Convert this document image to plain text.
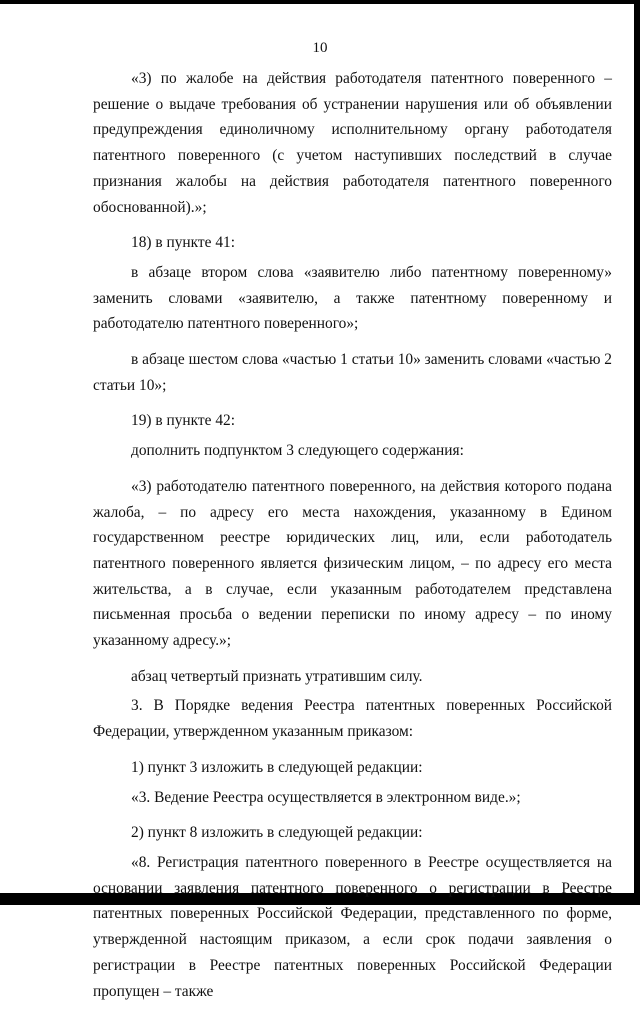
10

«3) по жалобе на действия работодателя патентного поверенного – решение о выдаче требования об устранении нарушения или об объявлении предупреждения единоличному исполнительному органу работодателя патентного поверенного (с учетом наступивших последствий в случае признания жалобы на действия работодателя патентного поверенного обоснованной).»;

18) в пункте 41:

в абзаце втором слова «заявителю либо патентному поверенному» заменить словами «заявителю, а также патентному поверенному и работодателю патентного поверенного»;

в абзаце шестом слова «частью 1 статьи 10» заменить словами «частью 2 статьи 10»;

19) в пункте 42:

дополнить подпунктом 3 следующего содержания:

«3) работодателю патентного поверенного, на действия которого подана жалоба, – по адресу его места нахождения, указанному в Едином государственном реестре юридических лиц, или, если работодатель патентного поверенного является физическим лицом, – по адресу его места жительства, а в случае, если указанным работодателем представлена письменная просьба о ведении переписки по иному адресу – по иному указанному адресу.»;

абзац четвертый признать утратившим силу.

3. В Порядке ведения Реестра патентных поверенных Российской Федерации, утвержденном указанным приказом:

1) пункт 3 изложить в следующей редакции:

«3. Ведение Реестра осуществляется в электронном виде.»;

2) пункт 8 изложить в следующей редакции:

«8. Регистрация патентного поверенного в Реестре осуществляется на основании заявления патентного поверенного о регистрации в Реестре патентных поверенных Российской Федерации, представленного по форме, утвержденной настоящим приказом, а если срок подачи заявления о регистрации в Реестре патентных поверенных Российской Федерации пропущен – также
